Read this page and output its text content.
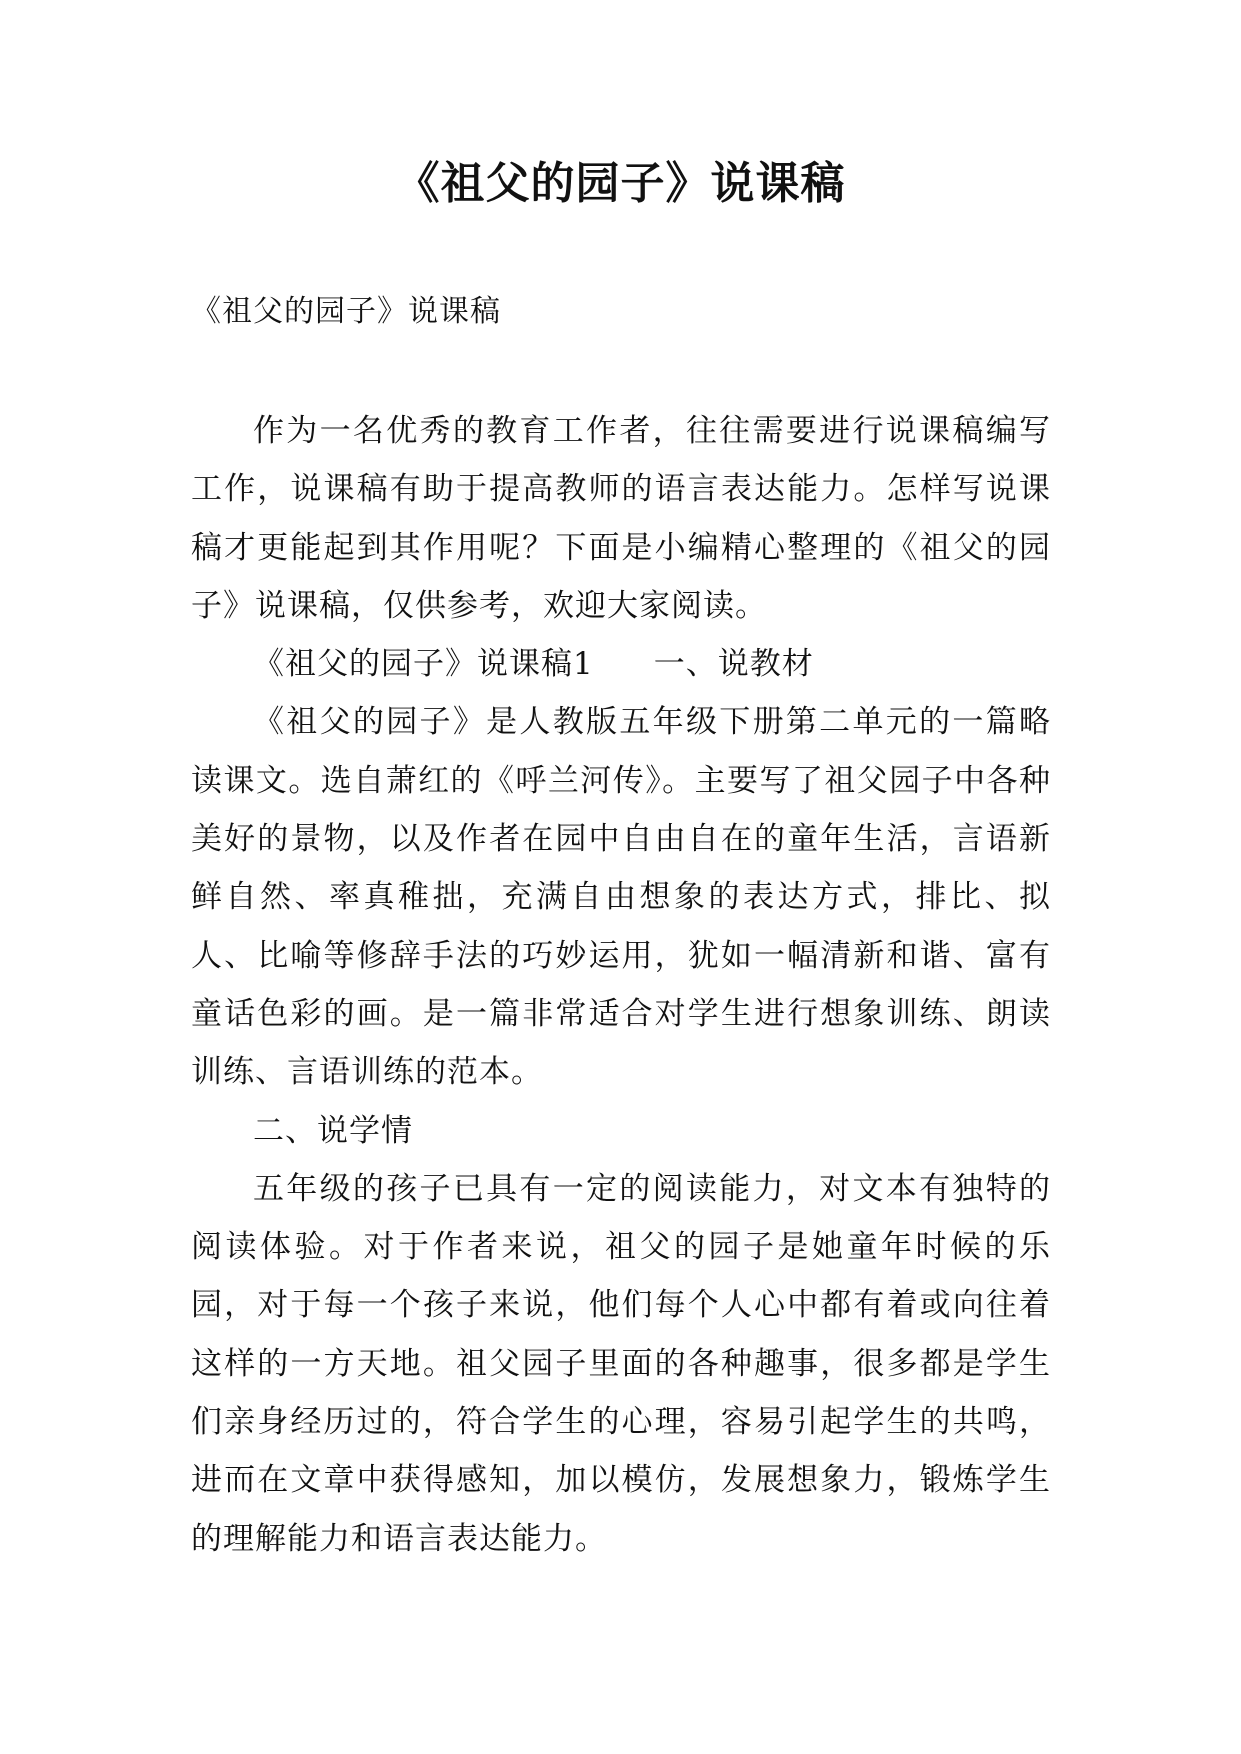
《祖父的园子》说课稿

《祖父的园子》说课稿

作为一名优秀的教育工作者，往往需要进行说课稿编写工作，说课稿有助于提高教师的语言表达能力。怎样写说课稿才更能起到其作用呢？下面是小编精心整理的《祖父的园子》说课稿，仅供参考，欢迎大家阅读。

《祖父的园子》说课稿1 一、说教材

《祖父的园子》是人教版五年级下册第二单元的一篇略读课文。选自萧红的《呼兰河传》。主要写了祖父园子中各种美好的景物，以及作者在园中自由自在的童年生活，言语新鲜自然、率真稚拙，充满自由想象的表达方式，排比、拟人、比喻等修辞手法的巧妙运用，犹如一幅清新和谐、富有童话色彩的画。是一篇非常适合对学生进行想象训练、朗读训练、言语训练的范本。

二、说学情

五年级的孩子已具有一定的阅读能力，对文本有独特的阅读体验。对于作者来说，祖父的园子是她童年时候的乐园，对于每一个孩子来说，他们每个人心中都有着或向往着这样的一方天地。祖父园子里面的各种趣事，很多都是学生们亲身经历过的，符合学生的心理，容易引起学生的共鸣，进而在文章中获得感知，加以模仿，发展想象力，锻炼学生的理解能力和语言表达能力。
